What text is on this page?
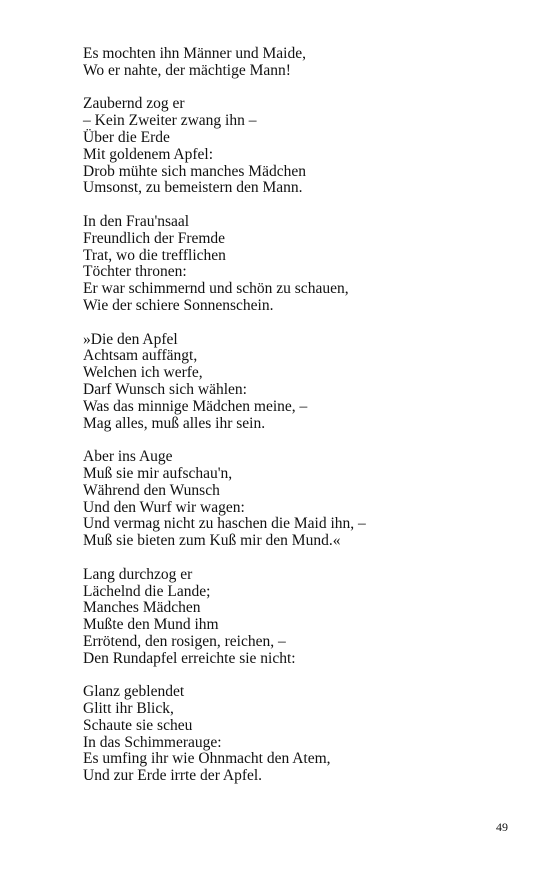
Es mochten ihn Männer und Maide,
Wo er nahte, der mächtige Mann!
Zaubernd zog er
– Kein Zweiter zwang ihn –
Über die Erde
Mit goldenem Apfel:
Drob mühte sich manches Mädchen
Umsonst, zu bemeistern den Mann.
In den Frau'nsaal
Freundlich der Fremde
Trat, wo die trefflichen
Töchter thronen:
Er war schimmernd und schön zu schauen,
Wie der schiere Sonnenschein.
»Die den Apfel
Achtsam auffängt,
Welchen ich werfe,
Darf Wunsch sich wählen:
Was das minnige Mädchen meine, –
Mag alles, muß alles ihr sein.
Aber ins Auge
Muß sie mir aufschau'n,
Während den Wunsch
Und den Wurf wir wagen:
Und vermag nicht zu haschen die Maid ihn, –
Muß sie bieten zum Kuß mir den Mund.«
Lang durchzog er
Lächelnd die Lande;
Manches Mädchen
Mußte den Mund ihm
Errötend, den rosigen, reichen, –
Den Rundapfel erreichte sie nicht:
Glanz geblendet
Glitt ihr Blick,
Schaute sie scheu
In das Schimmerauge:
Es umfing ihr wie Ohnmacht den Atem,
Und zur Erde irrte der Apfel.
49
